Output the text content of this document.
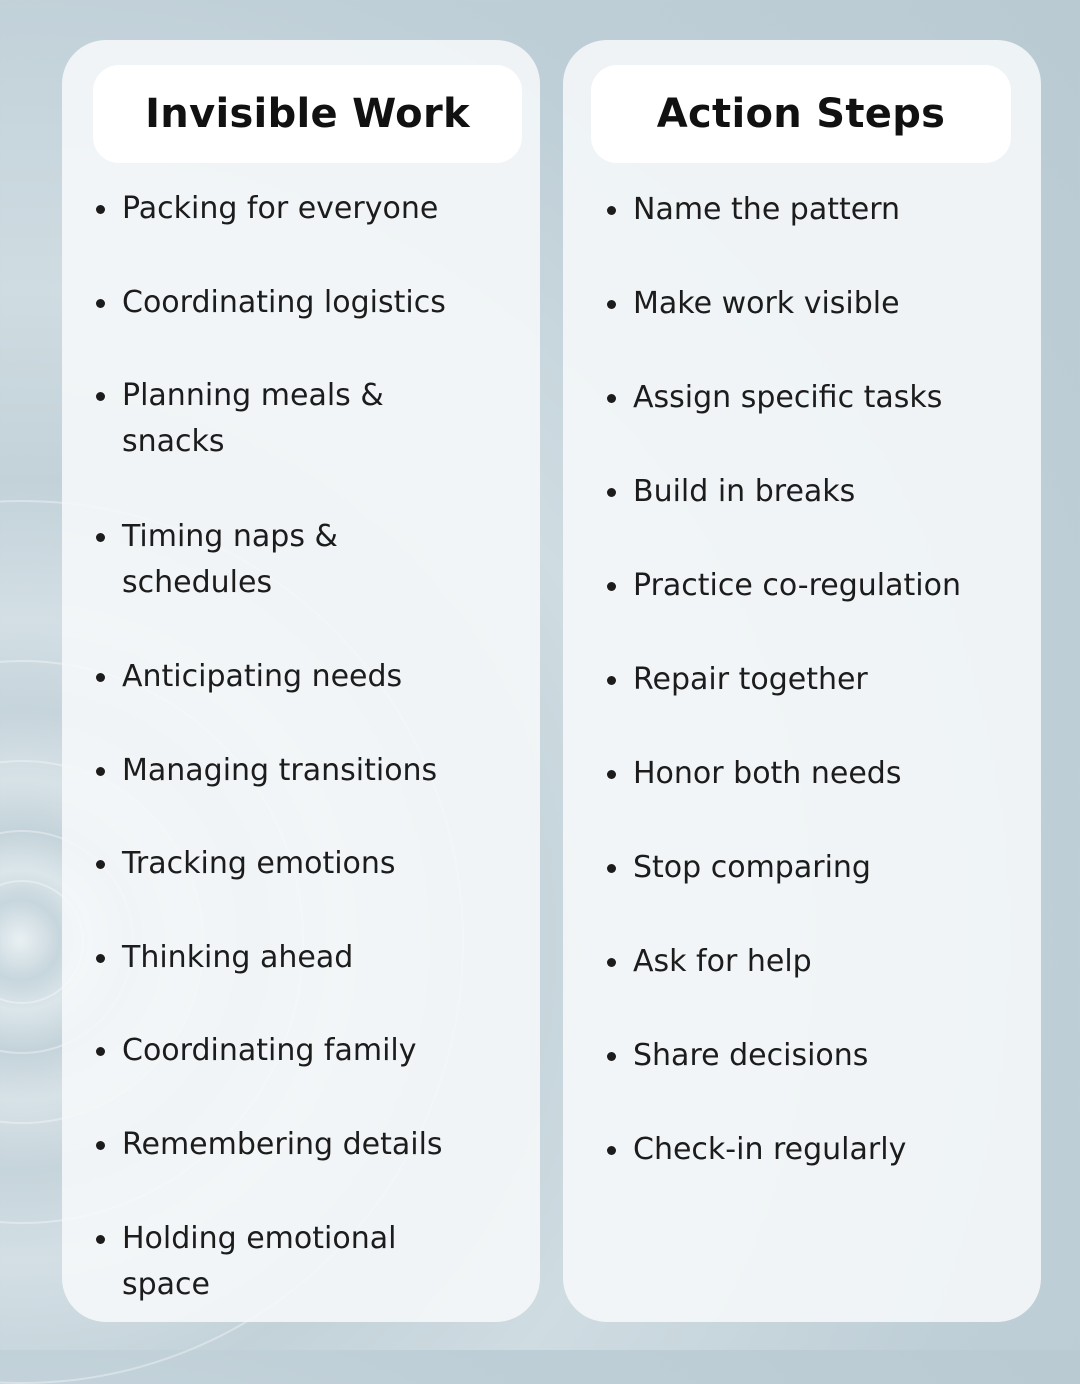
Invisible Work
Packing for everyone
Coordinating logistics
Planning meals &
snacks
Timing naps &
schedules
Anticipating needs
Managing transitions
Tracking emotions
Thinking ahead
Coordinating family
Remembering details
Holding emotional
space
Action Steps
Name the pattern
Make work visible
Assign specific tasks
Build in breaks
Practice co-regulation
Repair together
Honor both needs
Stop comparing
Ask for help
Share decisions
Check-in regularly
